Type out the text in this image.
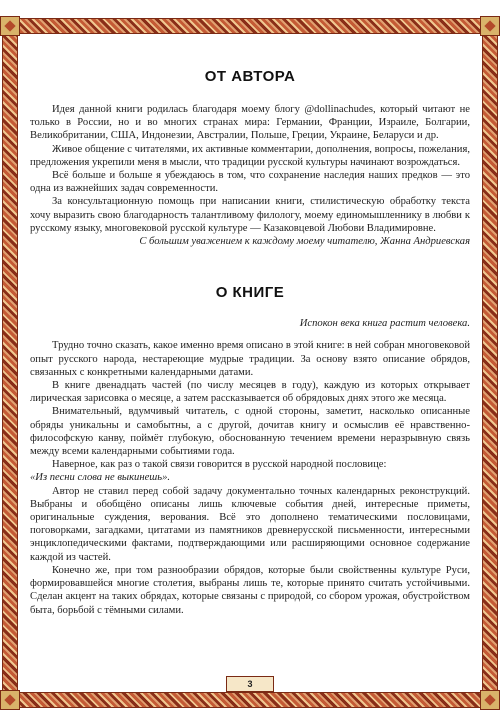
ОТ АВТОРА

Идея данной книги родилась благодаря моему блогу @dollinachudes, который читают не только в России, но и во многих странах мира: Германии, Франции, Израиле, Болгарии, Великобритании, США, Индонезии, Австралии, Польше, Греции, Украине, Беларуси и др.

Живое общение с читателями, их активные комментарии, дополнения, вопросы, пожелания, предложения укрепили меня в мысли, что традиции русской культуры начинают возрождаться.

Всё больше и больше я убеждаюсь в том, что сохранение наследия наших предков — это одна из важнейших задач современности.

За консультационную помощь при написании книги, стилистическую обработку текста хочу выразить свою благодарность талантливому филологу, моему единомышленнику в любви к русскому языку, многовековой русской культуре — Казаковцевой Любови Владимировне.

С большим уважением к каждому моему читателю, Жанна Андриевская

О КНИГЕ

Испокон века книга растит человека.

Трудно точно сказать, какое именно время описано в этой книге: в ней собран многовековой опыт русского народа, нестареющие мудрые традиции. За основу взято описание обрядов, связанных с конкретными календарными датами.

В книге двенадцать частей (по числу месяцев в году), каждую из которых открывает лирическая зарисовка о месяце, а затем рассказывается об обрядовых днях этого же месяца.

Внимательный, вдумчивый читатель, с одной стороны, заметит, насколько описанные обряды уникальны и самобытны, а с другой, дочитав книгу и осмыслив её нравственно-философскую канву, поймёт глубокую, обоснованную течением времени неразрывную связь между всеми календарными событиями года.

Наверное, как раз о такой связи говорится в русской народной пословице:

«Из песни слова не выкинешь».

Автор не ставил перед собой задачу документально точных календарных реконструкций. Выбраны и обобщёно описаны лишь ключевые события дней, интересные приметы, оригинальные суждения, верования. Всё это дополнено тематическими пословицами, поговорками, загадками, цитатами из памятников древнерусской письменности, интересными энциклопедическими фактами, подтверждающими или расширяющими основное содержание каждой из частей.

Конечно же, при том разнообразии обрядов, которые были свойственны культуре Руси, формировавшейся многие столетия, выбраны лишь те, которые принято считать устойчивыми. Сделан акцент на таких обрядах, которые связаны с природой, со сбором урожая, обустройством быта, борьбой с тёмными силами.

3
